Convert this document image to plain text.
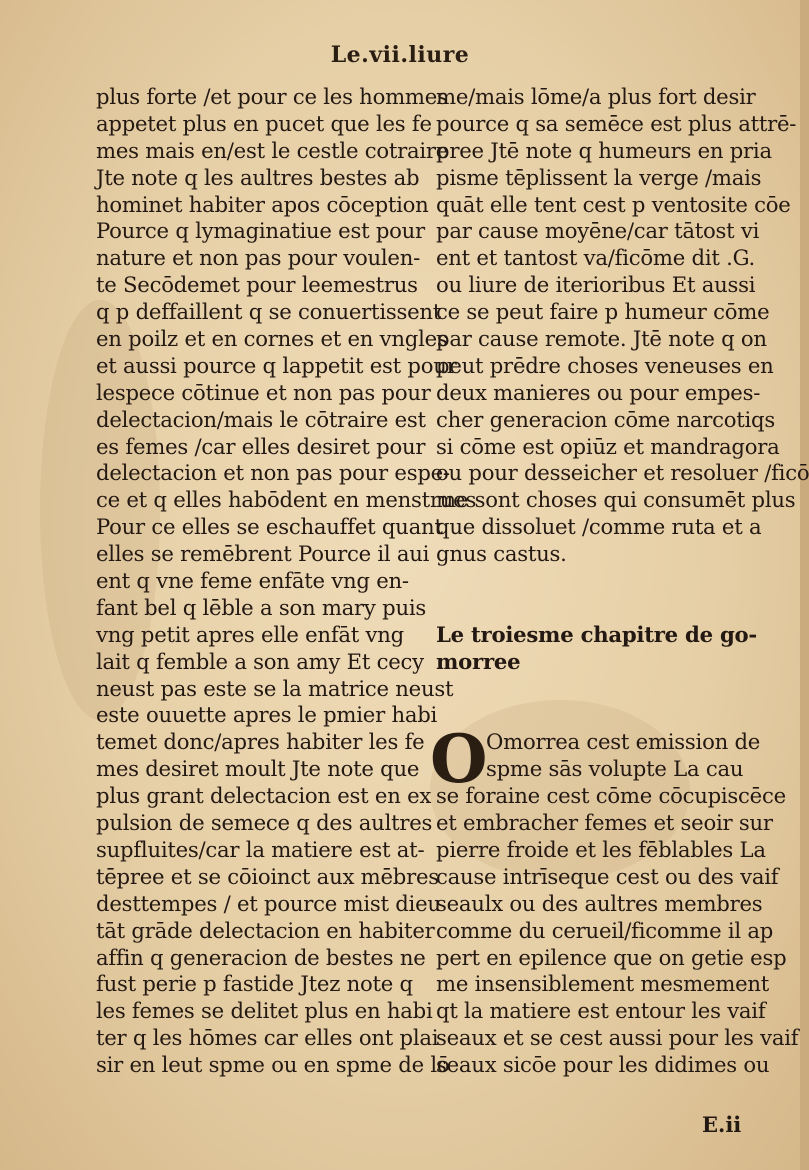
Le.vii.liure
plus forte /et pour ce les hommes
appetet plus en pucet que les fe
mes mais en/est le cestle cotraire
Jte note q les aultres bestes ab
hominet habiter apos cōception
Pource q lymaginatiue est pour
nature et non pas pour voulen-
te Secōdemet pour leemestrus
q p deffaillent q se conuertissent
en poilz et en cornes et en vngles
et aussi pource q lappetit est pour
lespece cōtinue et non pas pour
delectacion/mais le cōtraire est
es femes /car elles desiret pour
delectacion et non pas pour espe-
ce et q elles habōdent en menstrues
Pour ce elles se eschauffet quant
elles se remēbrent Pource il aui
ent q vne feme enfāte vng en-
fant bel q lēble a son mary puis
vng petit apres elle enfāt vng
lait q femble a son amy Et cecy
neust pas este se la matrice neust
este ouuette apres le pmier habi
temet donc/apres habiter les fe
mes desiret moult Jte note que
plus grant delectacion est en ex
pulsion de semece q des aultres
supfluites/car la matiere est at-
tēpree et se cōioinct aux mēbres
desttempes / et pource mist dieu
tāt grāde delectacion en habiter
affin q generacion de bestes ne
fust perie p fastide Jtez note q
les femes se delitet plus en habi
ter q les hōmes car elles ont plai
sir en leut spme ou en spme de lō
me/mais lōme/a plus fort desir
pource q sa semēce est plus attrē-
pree Jtē note q humeurs en pria
pisme tēplissent la verge /mais
quāt elle tent cest p ventosite cōe
par cause moyēne/car tātost vi
ent et tantost va/ficōme dit .G.
ou liure de iterioribus Et aussi
ce se peut faire p humeur cōme
par cause remote. Jtē note q on
peut prēdre choses veneuses en
deux manieres ou pour empes-
cher generacion cōme narcotiqs
si cōme est opiūz et mandragora
ou pour desseicher et resoluer /ficō
me sont choses qui consumēt plus
que dissoluet /comme ruta et a
gnus castus.
Le troiesme chapitre de go-
morree
O
Omorrea cest emission de
spme sās volupte La cau
se foraine cest cōme cōcupiscēce
et embracher femes et seoir sur
pierre froide et les fēblables La
cause intrīseque cest ou des vaif
seaulx ou des aultres membres
comme du cerueil/ficomme il ap
pert en epilence que on getie esp
me insensiblement mesmement
qt la matiere est entour les vaif
seaux et se cest aussi pour les vaif
seaux sicōe pour les didimes ou
E.ii
